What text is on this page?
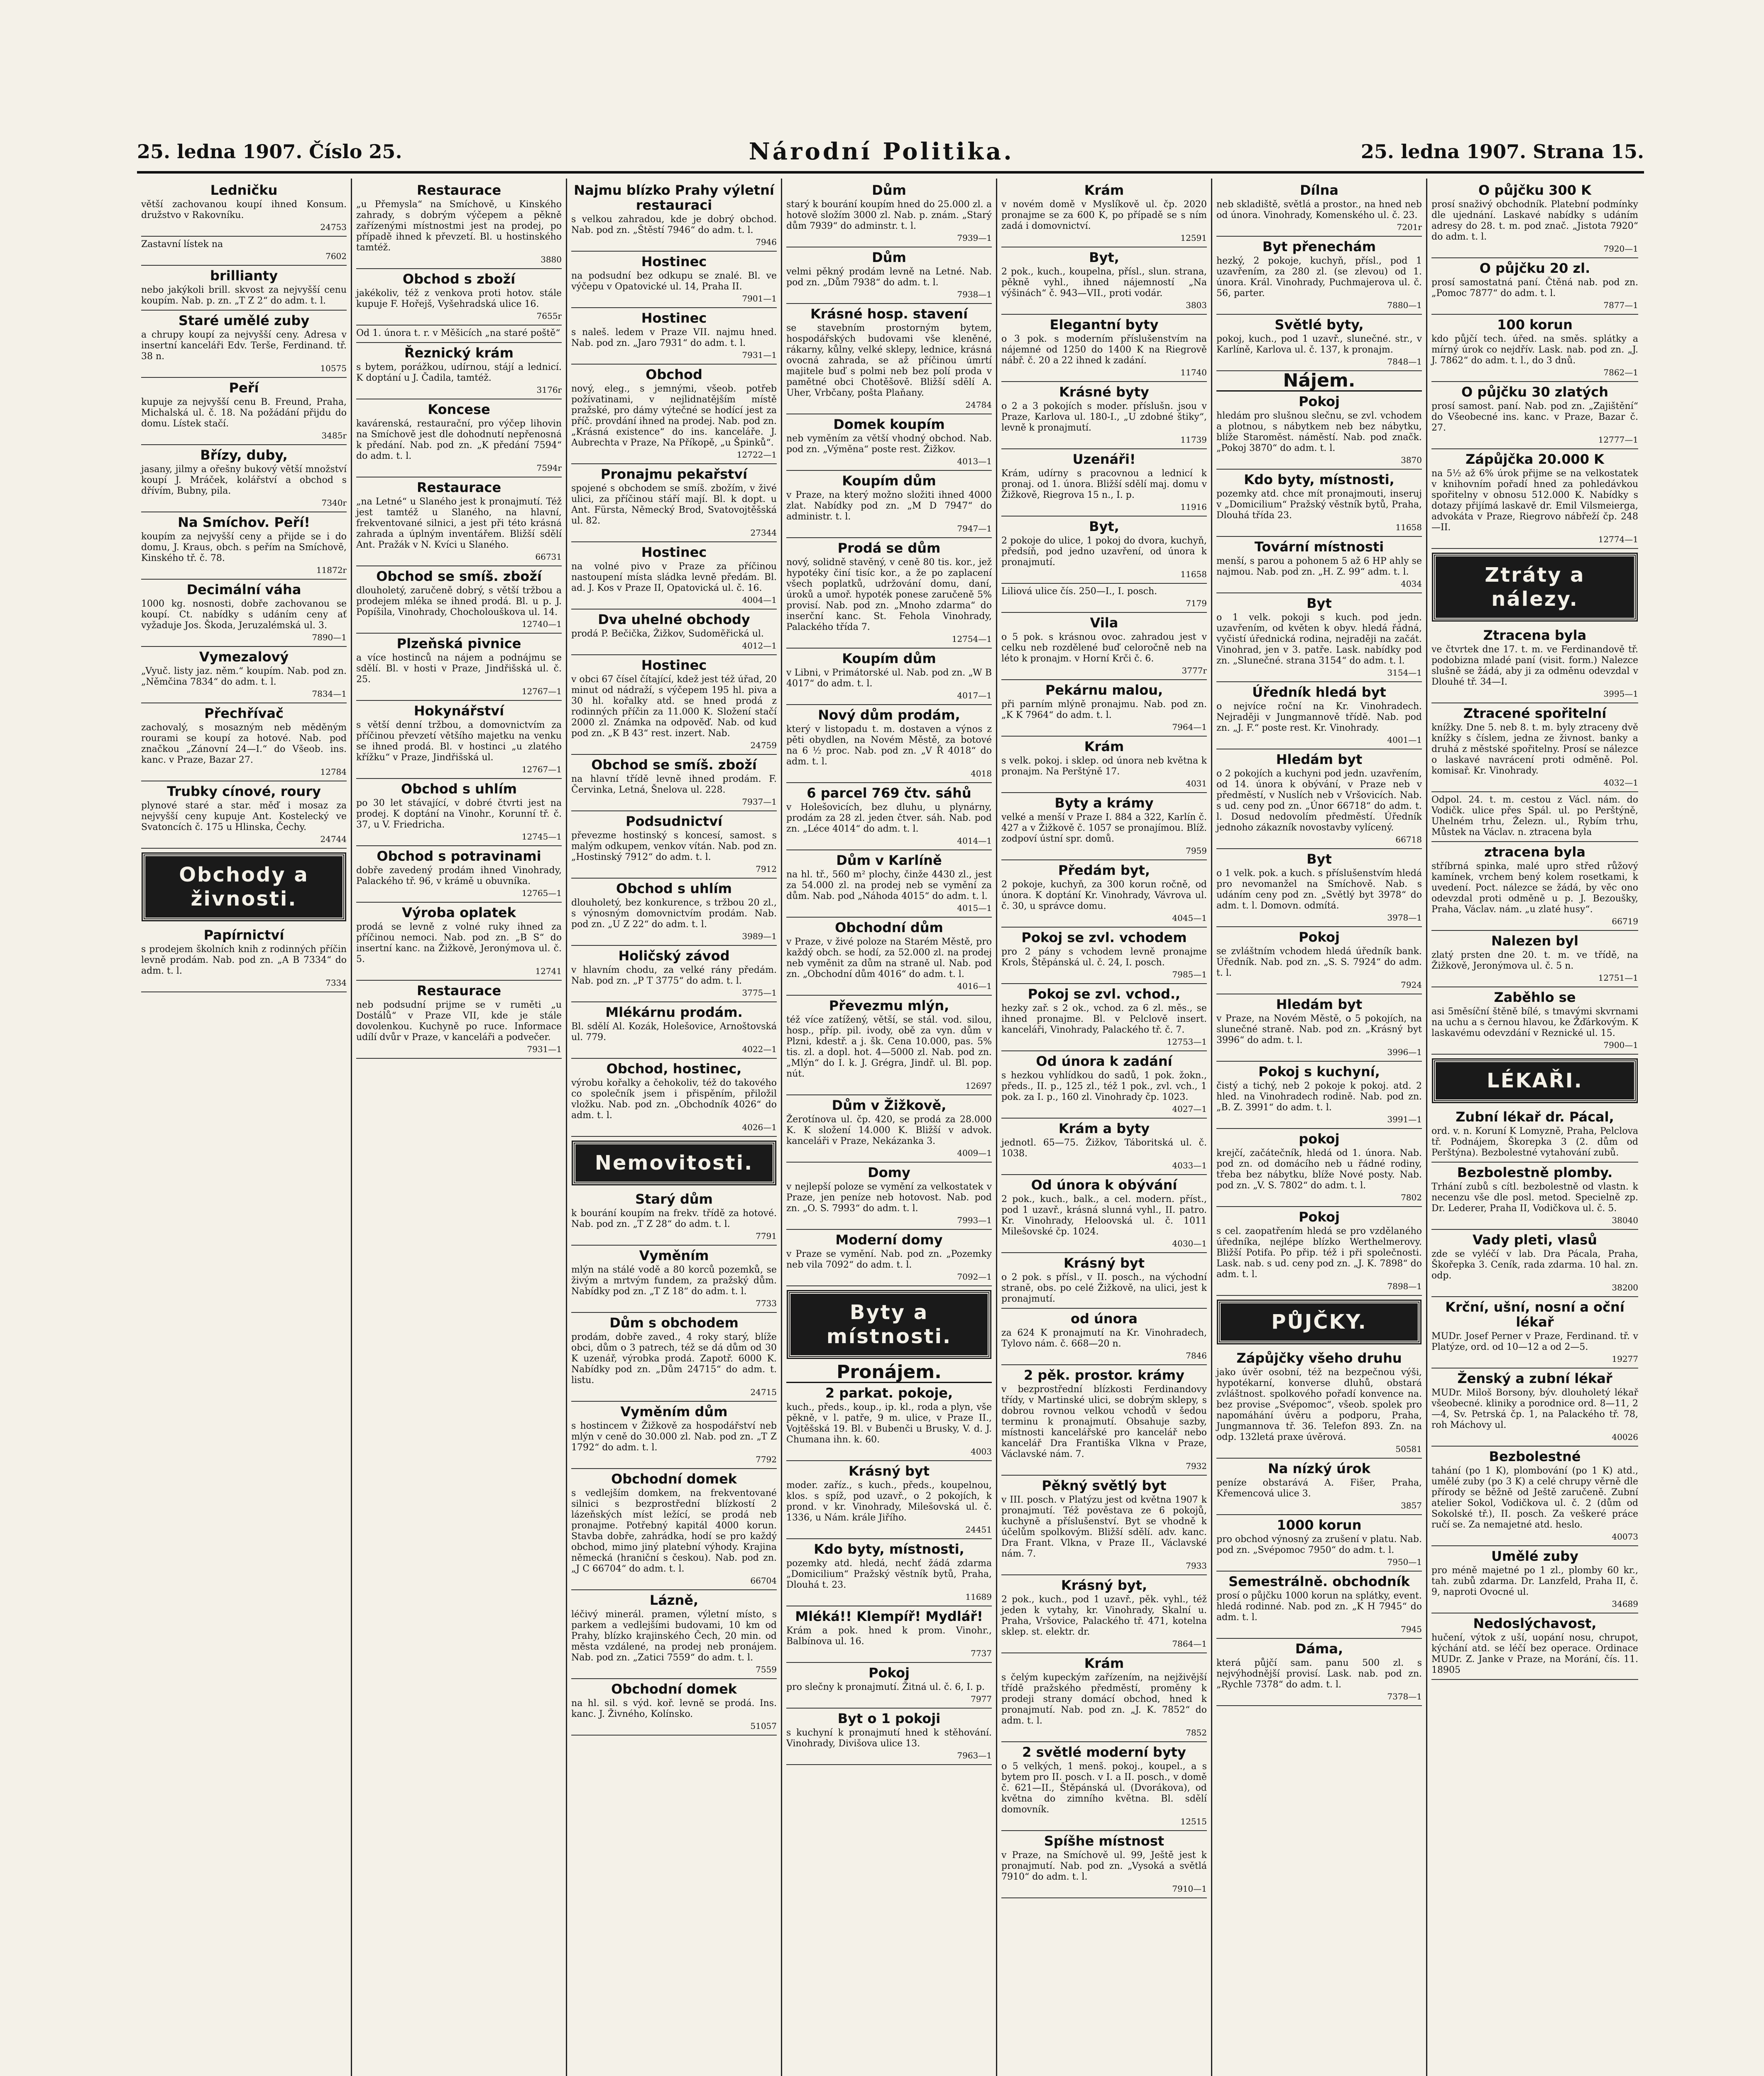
25. ledna 1907. Číslo 25.	Národní Politika.	25. ledna 1907. Strana 15.
Ledničku

větší zachovanou koupí ihned Konsum. družstvo v Rakovníku.

24753

Zastavní lístek na

7602
brillianty

nebo jakýkoli brill. skvost za nejvyšší cenu koupím. Nab. p. zn. „T Z 2“ do adm. t. l.

Staré umělé zuby

a chrupy koupí za nejvyšší ceny. Adresa v insertní kanceláři Edv. Terše, Ferdinand. tř. 38 n.

10575
Peří

kupuje za nejvyšší cenu B. Freund, Praha, Michalská ul. č. 18. Na požádání přijdu do domu. Lístek stačí.

3485r
Břízy, duby,

jasany, jilmy a ořešny bukový větší množství koupí J. Mráček, kolářství a obchod s dřívím, Bubny, pila.

7340r
Na Smíchov. Peří!

koupím za nejvyšší ceny a přijde se i do domu, J. Kraus, obch. s peřím na Smíchově, Kinského tř. č. 78.

11872r
Decimální váha

1000 kg. nosnosti, dobře zachovanou se koupí. Ct. nabídky s udáním ceny ať vyžaduje Jos. Škoda, Jeruzalémská ul. 3.

7890—1
Vymezalový

„Vyuč. listy jaz. něm.“ koupím. Nab. pod zn. „Němčina 7834“ do adm. t. l.

7834—1
Přechřívač

zachovalý, s mosazným neb měděným rourami se koupí za hotové. Nab. pod značkou „Zánovní 24—I.“ do Všeob. ins. kanc. v Praze, Bazar 27.

12784
Trubky cínové, roury

plynové staré a star. měď i mosaz za nejvyšší ceny kupuje Ant. Kostelecký ve Svatoncích č. 175 u Hlinska, Čechy.

24744
Obchody a živnosti.
Papírnictví

s prodejem školních knih z rodinných příčin levně prodám. Nab. pod zn. „A B 7334“ do adm. t. l.

7334
Restaurace

„u Přemysla“ na Smíchově, u Kinského zahrady, s dobrým výčepem a pěkně zařízenými místnostmi jest na prodej, po případě ihned k převzetí. Bl. u hostinského tamtéž.

3880
Obchod s zboží

jakékoliv, též z venkova proti hotov. stále kupuje F. Hořejš, Vyšehradská ulice 16.

7655r

Od 1. února t. r. v Měšicích „na staré poště“

Řeznický krám

s bytem, porážkou, udírnou, stájí a lednicí. K doptání u J. Čadila, tamtéž.

3176r
Koncese

kavárenská, restaurační, pro výčep lihovin na Smíchově jest dle dohodnutí nepřenosná k předání. Nab. pod zn. „K předání 7594“ do adm. t. l.

7594r
Restaurace

„na Letné“ u Slaného jest k pronajmutí. Též jest tamtéž u Slaného, na hlavní, frekventované silnici, a jest při této krásná zahrada a úplným inventářem. Bližší sdělí Ant. Pražák v N. Kvíci u Slaného.

66731
Obchod se smíš. zboží

dlouholetý, zaručeně dobrý, s větší tržbou a prodejem mléka se ihned prodá. Bl. u p. J. Popíšila, Vinohrady, Chocholouškova ul. 14.

12740—1
Plzeňská pivnice

a více hostinců na nájem a podnájmu se sdělí. Bl. v hosti v Praze, Jindřišská ul. č. 25.

12767—1
Hokynářství

s větší denní tržbou, a domovnictvím za příčinou převzetí většího majetku na venku se ihned prodá. Bl. v hostinci „u zlatého křížku“ v Praze, Jindřišská ul.

12767—1
Obchod s uhlím

po 30 let stávající, v dobré čtvrti jest na prodej. K doptání na Vinohr., Korunní tř. č. 37, u V. Friedricha.

12745—1
Obchod s potravinami

dobře zavedený prodám ihned Vinohrady, Palackého tř. 96, v krámě u obuvníka.

12765—1
Výroba oplatek

prodá se levně z volné ruky ihned za příčinou nemoci. Nab. pod zn. „B S“ do insertní kanc. na Žižkově, Jeronýmova ul. č. 5.

12741
Restaurace

neb podsudní prijme se v ruměti „u Dostálů“ v Praze VII, kde je stále dovolenkou. Kuchyně po ruce. Informace udílí dvůr v Praze, v kanceláři a podvečer.

7931—1
Najmu blízko Prahy výletní restauraci

s velkou zahradou, kde je dobrý obchod. Nab. pod zn. „Štěstí 7946“ do adm. t. l.

7946
Hostinec

na podsudní bez odkupu se znalé. Bl. ve výčepu v Opatovické ul. 14, Praha II.

7901—1
Hostinec

s naleš. ledem v Praze VII. najmu hned. Nab. pod zn. „Jaro 7931“ do adm. t. l.

7931—1
Obchod

nový, eleg., s jemnými, všeob. potřeb požívatinami, v nejlidnatějším místě pražské, pro dámy výtečné se hodící jest za příč. provdání ihned na prodej. Nab. pod zn. „Krásná existence“ do ins. kanceláře. J. Aubrechta v Praze, Na Příkopě, „u Špinků“.

12722—1
Pronajmu pekařství

spojené s obchodem se smíš. zbožím, v živé ulici, za příčinou stáří mají. Bl. k dopt. u Ant. Fürsta, Německý Brod, Svatovojtěšská ul. 82.

27344
Hostinec

na volné pivo v Praze za příčinou nastoupení místa sládka levně předám. Bl. ad. J. Kos v Praze II, Opatovická ul. č. 16.

4004—1
Dva uhelné obchody

prodá P. Bečička, Žižkov, Sudoměřická ul.

4012—1
Hostinec

v obci 67 čísel čítající, kdež jest též úřad, 20 minut od nádraží, s výčepem 195 hl. piva a 30 hl. kořalky atd. se hned prodá z rodinných příčin za 11.000 K. Složení stačí 2000 zl. Známka na odpověď. Nab. od kud pod zn. „K B 43“ rest. inzert. Nab.

24759
Obchod se smíš. zboží

na hlavní třídě levně ihned prodám. F. Červinka, Letná, Šnelova ul. 228.

7937—1
Podsudnictví

převezme hostinský s koncesí, samost. s malým odkupem, venkov vítán. Nab. pod zn. „Hostinský 7912“ do adm. t. l.

7912
Obchod s uhlím

dlouholetý, bez konkurence, s tržbou 20 zl., s výnosným domovnictvím prodám. Nab. pod zn. „U Z 22“ do adm. t. l.

3989—1
Holičský závod

v hlavním chodu, za velké rány předám. Nab. pod zn. „P T 3775“ do adm. t. l.

3775—1
Mlékárnu prodám.

Bl. sdělí Al. Kozák, Holešovice, Arnoštovská ul. 779.

4022—1
Obchod, hostinec,

výrobu kořalky a čehokoliv, též do takového co společník jsem i přispěním, přiložil vložku. Nab. pod zn. „Obchodník 4026“ do adm. t. l.

4026—1
Nemovitosti.
Starý dům

k bourání koupím na frekv. třídě za hotové. Nab. pod zn. „T Z 28“ do adm. t. l.

7791
Vyměním

mlýn na stálé vodě a 80 korců pozemků, se živým a mrtvým fundem, za pražský dům. Nabídky pod zn. „T Z 18“ do adm. t. l.

7733
Dům s obchodem

prodám, dobře zaved., 4 roky starý, blíže obci, dům o 3 patrech, též se dá dům od 30 K uzenář, výrobka prodá. Zapotř. 6000 K. Nabídky pod zn. „Dům 24715“ do adm. t. listu.

24715
Vyměním dům

s hostincem v Žižkově za hospodářství neb mlýn v ceně do 30.000 zl. Nab. pod zn. „T Z 1792“ do adm. t. l.

7792
Obchodní domek

s vedlejším domkem, na frekventované silnici s bezprostřední blízkostí 2 lázeňských míst ležící, se prodá neb pronajme. Potřebný kapitál 4000 korun. Stavba dobře, zahrádka, hodí se pro každý obchod, mimo jiný platební výhody. Krajina německá (hraniční s českou). Nab. pod zn. „J C 66704“ do adm. t. l.

66704
Lázně,

léčivý minerál. pramen, výletní místo, s parkem a vedlejšími budovami, 10 km od Prahy, blízko krajinského Čech, 20 min. od města vzdálené, na prodej neb pronájem. Nab. pod zn. „Zatici 7559“ do adm. t. l.

7559
Obchodní domek

na hl. sil. s výd. koř. levně se prodá. Ins. kanc. J. Živného, Kolínsko.

51057
Dům

starý k bourání koupím hned do 25.000 zl. a hotově složím 3000 zl. Nab. p. znám. „Starý dům 7939“ do adminstr. t. l.

7939—1
Dům

velmi pěkný prodám levně na Letné. Nab. pod zn. „Dům 7938“ do adm. t. l.

7938—1
Krásné hosp. stavení

se stavebním prostorným bytem, hospodářských budovami vše kleněné, rákarny, kůlny, velké sklepy, lednice, krásná ovocná zahrada, se až příčinou úmrtí majitele buď s polmi neb bez polí proda v pamětné obci Chotěšově. Bližší sdělí A. Uher, Vrbčany, pošta Plaňany.

24784
Domek koupím

neb vyměním za větší vhodný obchod. Nab. pod zn. „Výměna“ poste rest. Žižkov.

4013—1
Koupím dům

v Praze, na který možno složiti ihned 4000 zlat. Nabídky pod zn. „M D 7947“ do administr. t. l.

7947—1
Prodá se dům

nový, solidně stavěný, v ceně 80 tis. kor., jež hypotéky činí tisíc kor., a že po zaplacení všech poplatků, udržování domu, daní, úroků a umoř. hypoték ponese zaručeně 5% provisí. Nab. pod zn. „Mnoho zdarma“ do inserční kanc. St. Fehola Vinohrady, Palackého třída 7.

12754—1
Koupím dům

v Libni, v Primátorské ul. Nab. pod zn. „W B 4017“ do adm. t. l.

4017—1
Nový dům prodám,

který v listopadu t. m. dostaven a výnos z pěti obydlen, na Novém Městě, za botové na 6 ½ proc. Nab. pod zn. „V Ř 4018“ do adm. t. l.

4018
6 parcel 769 čtv. sáhů

v Holešovicích, bez dluhu, u plynárny, prodám za 28 zl. jeden čtver. sáh. Nab. pod zn. „Léce 4014“ do adm. t. l.

4014—1
Dům v Karlíně

na hl. tř., 560 m² plochy, činže 4430 zl., jest za 54.000 zl. na prodej neb se vymění za dům. Nab. pod „Náhoda 4015“ do adm. t. l.

4015—1
Obchodní dům

v Praze, v živé poloze na Starém Městě, pro každý obch. se hodí, za 52.000 zl. na prodej neb vyměnit za dům na straně ul. Nab. pod zn. „Obchodní dům 4016“ do adm. t. l.

4016—1
Převezmu mlýn,

též více zatížený, větší, se stál. vod. silou, hosp., příp. pil. ivody, obě za vyn. dům v Plzni, kdestř. a j. šk. Cena 10.000, pas. 5% tis. zl. a dopl. hot. 4—5000 zl. Nab. pod zn. „Mlýn“ do I. k. J. Grégra, Jindř. ul. Bl. pop. nút.

12697
Dům v Žižkově,

Žerotínova ul. čp. 420, se prodá za 28.000 K. K složení 14.000 K. Bližší v advok. kanceláři v Praze, Nekázanka 3.

4009—1
Domy

v nejlepší poloze se vymění za velkostatek v Praze, jen peníze neb hotovost. Nab. pod zn. „O. S. 7993“ do adm. t. l.

7993—1
Moderní domy

v Praze se vymění. Nab. pod zn. „Pozemky neb vila 7092“ do adm. t. l.

7092—1
Byty a místnosti.
Pronájem.
2 parkat. pokoje,

kuch., předs., koup., ip. kl., roda a plyn, vše pěkně, v l. patře, 9 m. ulice, v Praze II., Vojtěšská 19. Bl. v Bubenči u Brusky, V. d. J. Chumana ihn. k. 60.

4003
Krásný byt

moder. zaříz., s kuch., předs., koupelnou, klos. s spíž, pod uzavř., o 2 pokojích, k prond. v kr. Vinohrady, Milešovská ul. č. 1336, u Nám. krále Jiřího.

24451
Kdo byty, místnosti,

pozemky atd. hledá, nechť žádá zdarma „Domicilium“ Pražský věstník bytů, Praha, Dlouhá t. 23.

11689
Mléká!! Klempíř! Mydlář!

Krám a pok. hned k prom. Vinohr., Balbínova ul. 16.

7737
Pokoj

pro slečny k pronajmutí. Žitná ul. č. 6, I. p.

7977
Byt o 1 pokoji

s kuchyní k pronajmutí hned k stěhování. Vinohrady, Divišova ulice 13.

7963—1
Krám

v novém domě v Myslíkově ul. čp. 2020 pronajme se za 600 K, po případě se s ním zadá i domovnictví.

12591
Byt,

2 pok., kuch., koupelna, přísl., slun. strana, pěkně vyhl., ihned nájemností „Na výšinách“ č. 943—VII., proti vodár.

3803
Elegantní byty

o 3 pok. s moderním příslušenstvím na nájemné od 1250 do 1400 K na Riegrově nábř. č. 20 a 22 ihned k zadání.

11740
Krásné byty

o 2 a 3 pokojích s moder. příslušn. jsou v Praze, Karlova ul. 180-I., „U zdobné štiky“, levně k pronajmutí.

11739
Uzenáři!

Krám, udírny s pracovnou a lednicí k pronaj. od 1. února. Bližší sdělí maj. domu v Žižkově, Riegrova 15 n., I. p.

11916
Byt,

2 pokoje do ulice, 1 pokoj do dvora, kuchyň, předsíň, pod jedno uzavření, od února k pronajmutí.

11658

Liliová ulice čís. 250—I., I. posch.

7179
Vila

o 5 pok. s krásnou ovoc. zahradou jest v celku neb rozdělené buď celoročně neb na léto k pronajm. v Horní Krči č. 6.

3777r
Pekárnu malou,

při parním mlýně pronajmu. Nab. pod zn. „K K 7964“ do adm. t. l.

7964—1
Krám

s velk. pokoj. i sklep. od února neb května k pronajm. Na Perštýně 17.

4031
Byty a krámy

velké a menší v Praze I. 884 a 322, Karlín č. 427 a v Žižkově č. 1057 se pronajímou. Blíž. zodpoví ústní spr. domů.

7959
Předám byt,

2 pokoje, kuchyň, za 300 korun ročně, od února. K doptání Kr. Vinohrady, Vávrova ul. č. 30, u správce domu.

4045—1
Pokoj se zvl. vchodem

pro 2 pány s vchodem levně pronajme Krols, Štěpánská ul. č. 24, I. posch.

7985—1
Pokoj se zvl. vchod.,

hezky zař. s 2 ok., vchod. za 6 zl. měs., se ihned pronajme. Bl. v Pelclově insert. kanceláři, Vinohrady, Palackého tř. č. 7.

12753—1
Od února k zadání

s hezkou vyhlídkou do sadů, 1 pok. žokn., předs., II. p., 125 zl., též 1 pok., zvl. vch., 1 pok. za I. p., 160 zl. Vinohrady čp. 1023.

4027—1
Krám a byty

jednotl. 65—75. Žižkov, Táboritská ul. č. 1038.

4033—1
Od února k obývání

2 pok., kuch., balk., a cel. modern. příst., pod 1 uzavř., krásná slunná vyhl., II. patro. Kr. Vinohrady, Heloovská ul. č. 1011 Milešovské čp. 1024.

4030—1
Krásný byt

o 2 pok. s přísl., v II. posch., na východní straně, obs. po celé Žižkově, na ulici, jest k pronajmutí.

od února

za 624 K pronajmutí na Kr. Vinohradech, Tylovo nám. č. 668—20 n.

7846
2 pěk. prostor. krámy

v bezprostřední blízkosti Ferdinandovy třídy, v Martinské ulici, se dobrým sklepy, s dobrou rovnou velkou vchodů v šedou terminu k pronajmutí. Obsahuje sazby, místnosti kancelářské pro kancelář nebo kancelář Dra Františka Vlkna v Praze, Václavské nám. 7.

7932
Pěkný světlý byt

v III. posch. v Platýzu jest od května 1907 k pronajmutí. Též pověstava ze 6 pokojů, kuchyně a příslušenství. Byt se vhodně k účelům spolkovým. Bližší sdělí. adv. kanc. Dra Frant. Vlkna, v Praze II., Václavské nám. 7.

7933
Krásný byt,

2 pok., kuch., pod 1 uzavř., pěk. vyhl., též jeden k vytahy, kr. Vinohrady, Skalní u. Praha, Vršovice, Palackého tř. 471, kotelna sklep. st. elektr. dr.

7864—1
Krám

s čelým kupeckým zařízením, na nejživější třídě pražského předměstí, proměny k prodeji strany domácí obchod, hned k pronajmutí. Nab. pod zn. „J. K. 7852“ do adm. t. l.

7852
2 světlé moderní byty

o 5 velkých, 1 menš. pokoj., koupel., a s bytem pro II. posch. v I. a II. posch., v domě č. 621—II., Štěpánská ul. (Dvorákova), od května do zimního května. Bl. sdělí domovník.

12515
Spíšhe místnost

v Praze, na Smíchově ul. 99, Ještě jest k pronajmutí. Nab. pod zn. „Vysoká a světlá 7910“ do adm. t. l.

7910—1
Dílna

neb skladiště, světlá a prostor., na hned neb od února. Vinohrady, Komenského ul. č. 23.

7201r
Byt přenechám

hezký, 2 pokoje, kuchyň, přísl., pod 1 uzavřením, za 280 zl. (se zlevou) od 1. února. Král. Vinohrady, Puchmajerova ul. č. 56, parter.

7880—1
Světlé byty,

pokoj, kuch., pod 1 uzavř., slunečné. str., v Karlíně, Karlova ul. č. 137, k pronajm.

7848—1
Nájem.
Pokoj

hledám pro slušnou slečnu, se zvl. vchodem a plotnou, s nábytkem neb bez nábytku, blíže Staroměst. náměstí. Nab. pod značk. „Pokoj 3870“ do adm. t. l.

3870
Kdo byty, místnosti,

pozemky atd. chce mít pronajmouti, inseruj v „Domicilium“ Pražský věstník bytů, Praha, Dlouhá třída 23.

11658
Tovární místnosti

menší, s parou a pohonem 5 až 6 HP ahly se najmou. Nab. pod zn. „H. Z. 99“ adm. t. l.

4034
Byt

o 1 velk. pokoji s kuch. pod jedn. uzavřením, od květen k obyv. hledá řádná, vyčistí úřednická rodina, nejraději na začát. Vinohrad, jen v 3. patře. Lask. nabídky pod zn. „Slunečné. strana 3154“ do adm. t. l.

3154—1
Úředník hledá byt

o nejvíce roční na Kr. Vinohradech. Nejraději v Jungmannově třídě. Nab. pod zn. „J. F.“ poste rest. Kr. Vinohrady.

4001—1
Hledám byt

o 2 pokojích a kuchyni pod jedn. uzavřením, od 14. února k obývání, v Praze neb v předměstí, v Nuslích neb v Vršovicích. Nab. s ud. ceny pod zn. „Únor 66718“ do adm. t. l. Dosud nedovolím předměstí. Úředník jednoho zákazník novostavby vylícený.

66718
Byt

o 1 velk. pok. a kuch. s příslušenstvím hledá pro nevomanžel na Smíchově. Nab. s udáním ceny pod zn. „Světlý byt 3978“ do adm. t. l. Domovn. odmítá.

3978—1
Pokoj

se zvláštním vchodem hledá úředník bank. Úředník. Nab. pod zn. „S. S. 7924“ do adm. t. l.

7924
Hledám byt

v Praze, na Novém Městě, o 5 pokojích, na slunečné straně. Nab. pod zn. „Krásný byt 3996“ do adm. t. l.

3996—1
Pokoj s kuchyní,

čistý a tichý, neb 2 pokoje k pokoj. atd. 2 hled. na Vinohradech rodině. Nab. pod zn. „B. Z. 3991“ do adm. t. l.

3991—1
pokoj

krejčí, začátečník, hledá od 1. února. Nab. pod zn. od domácího neb u řádné rodiny, třeba bez nábytku, blíže Nové posty. Nab. pod zn. „V. S. 7802“ do adm. t. l.

7802
Pokoj

s cel. zaopatřením hledá se pro vzdělaného úředníka, nejlépe blízko Werthelmerovy. Bližší Potifa. Po přip. též i při společnosti. Lask. nab. s ud. ceny pod zn. „J. K. 7898“ do adm. t. l.

7898—1
PŮJČKY.
Zápůjčky všeho druhu

jako úvěr osobní, též na bezpečnou výši, hypotékarní, konverse dluhů, obstará zvláštnost. spolkového pořadí konvence na. bez provise „Svépomoc“, všeob. spolek pro napomáhání úvěru a podporu, Praha, Jungmannova tř. 36. Telefon 893. Zn. na odp. 132letá praxe úvěrová.

50581
Na nízký úrok

peníze obstarává A. Fišer, Praha, Křemencová ulice 3.

3857
1000 korun

pro obchod výnosný za zrušení v platu. Nab. pod zn. „Svépomoc 7950“ do adm. t. l.

7950—1
Semestrálně. obchodník

prosí o půjčku 1000 korun na splátky, event. hledá rodinné. Nab. pod zn. „K H 7945“ do adm. t. l.

7945
Dáma,

která půjčí sam. panu 500 zl. s nejvýhodnější provisí. Lask. nab. pod zn. „Rychle 7378“ do adm. t. l.

7378—1
O půjčku 300 K

prosí snaživý obchodník. Platební podmínky dle ujednání. Laskavé nabídky s udáním adresy do 28. t. m. pod znač. „Jistota 7920“ do adm. t. l.

7920—1
O půjčku 20 zl.

prosí samostatná paní. Čtěná nab. pod zn. „Pomoc 7877“ do adm. t. l.

7877—1
100 korun

kdo půjčí tech. úřed. na směs. splátky a mírný úrok co nejdřív. Lask. nab. pod zn. „J. J. 7862“ do adm. t. l., do 3 dnů.

7862—1
O půjčku 30 zlatých

prosí samost. paní. Nab. pod zn. „Zajištění“ do Všeobecné ins. kanc. v Praze, Bazar č. 27.

12777—1
Zápůjčka 20.000 K

na 5½ až 6% úrok přijme se na velkostatek v knihovním pořadí hned za pohledávkou spořitelny v obnosu 512.000 K. Nabídky s dotazy přijímá laskavě dr. Emil Vilsmeierga, advokáta v Praze, Riegrovo nábřeží čp. 248—II.

12774—1
Ztráty a nálezy.
Ztracena byla

ve čtvrtek dne 17. t. m. ve Ferdinandově tř. podobizna mladé paní (visit. form.) Nalezce slušně se žádá, aby ji za odměnu odevzdal v Dlouhé tř. 34—I.

3995—1
Ztracené spořitelní

knížky. Dne 5. neb 8. t. m. byly ztraceny dvě knížky s číslem, jedna ze živnost. banky a druhá z městské spořitelny. Prosí se nálezce o laskavé navrácení proti odměně. Pol. komisař. Kr. Vinohrady.

4032—1

Odpol. 24. t. m. cestou z Václ. nám. do Vodičk. ulice přes Spál. ul. po Perštýně, Uhelném trhu, Železn. ul., Rybím trhu, Můstek na Václav. n. ztracena byla

ztracena byla

stříbrná spinka, malé upro střed růžový kamínek, vrchem bený kolem rosetkami, k uvedení. Poct. nálezce se žádá, by věc ono odevzdal proti odměně u p. J. Bezoušky, Praha, Václav. nám. „u zlaté husy“.

66719
Nalezen byl

zlatý prsten dne 20. t. m. ve třídě, na Žižkově, Jeronýmova ul. č. 5 n.

12751—1
Zaběhlo se

asi 5měsíční štěně bílé, s tmavými skvrnami na uchu a s černou hlavou, ke Žďárkovým. K laskavému odevzdání v Reznické ul. 15.

7900—1
LÉKAŘI.
Zubní lékař dr. Pácal,

ord. v. n. Koruní K Lomyzně, Praha, Pelclova tř. Podnájem, Škorepka 3 (2. dům od Perštýna). Bezbolestné vytahování zubů.

Bezbolestně plomby.

Trhání zubů s cítl. bezbolestně od vlastn. k necenzu vše dle posl. metod. Specielně zp. Dr. Lederer, Praha II, Vodičkova ul. č. 5.

38040
Vady pleti, vlasů

zde se vyléčí v lab. Dra Pácala, Praha, Škořepka 3. Ceník, rada zdarma. 10 hal. zn. odp.

38200
Krční, ušní, nosní a oční lékař

MUDr. Josef Perner v Praze, Ferdinand. tř. v Platýze, ord. od 10—12 a od 2—5.

19277
Ženský a zubní lékař

MUDr. Miloš Borsony, býv. dlouholetý lékař všeobecné. kliniky a porodnice ord. 8—11, 2—4, Sv. Petrská čp. 1, na Palackého tř. 78, roh Máchovy ul.

40026
Bezbolestné

tahání (po 1 K), plombování (po 1 K) atd., umělé zuby (po 3 K) a celé chrupy věrně dle přírody se běžně od Ještě zaručeně. Zubní atelier Sokol, Vodičkova ul. č. 2 (dům od Sokolské tř.), II. posch. Za veškeré práce ručí se. Za nemajetné atd. heslo.

40073
Umělé zuby

pro méně majetné po 1 zl., plomby 60 kr., tah. zubů zdarma. Dr. Lanzfeld, Praha II, č. 9, naproti Ovocné ul.

34689
Nedoslýchavost,

hučení, výtok z uší, uopání nosu, chrupot, kýchání atd. se léčí bez operace. Ordinace MUDr. Z. Janke v Praze, na Morání, čís. 11. 18905
